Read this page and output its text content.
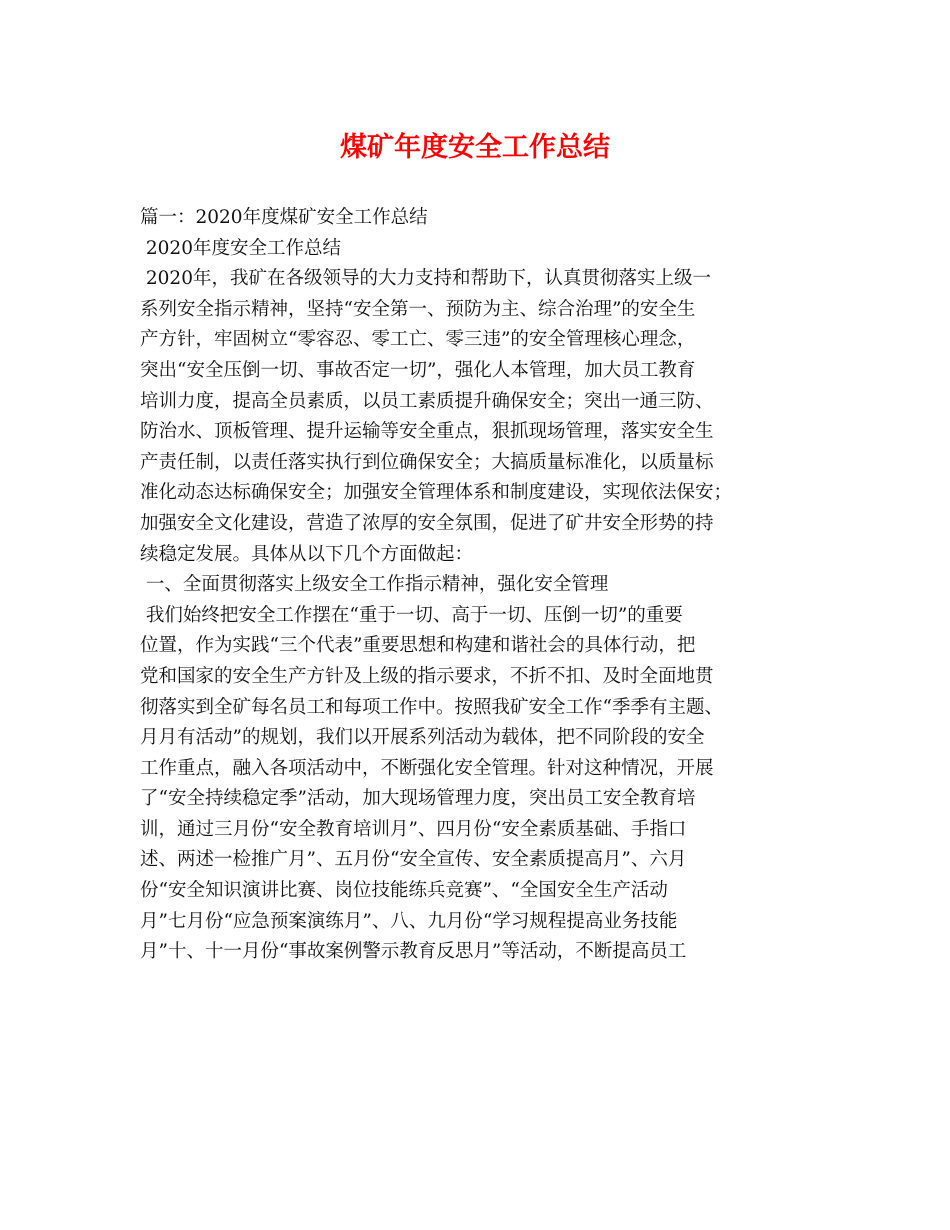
煤矿年度安全工作总结
篇一：2020年度煤矿安全工作总结
2020年度安全工作总结
2020年，我矿在各级领导的大力支持和帮助下，认真贯彻落实上级一
系列安全指示精神，坚持“安全第一、预防为主、综合治理”的安全生
产方针，牢固树立“零容忍、零工亡、零三违”的安全管理核心理念，
突出“安全压倒一切、事故否定一切”，强化人本管理，加大员工教育
培训力度，提高全员素质，以员工素质提升确保安全；突出一通三防、
防治水、顶板管理、提升运输等安全重点，狠抓现场管理，落实安全生
产责任制，以责任落实执行到位确保安全；大搞质量标准化，以质量标
准化动态达标确保安全；加强安全管理体系和制度建设，实现依法保安；
加强安全文化建设，营造了浓厚的安全氛围，促进了矿井安全形势的持
续稳定发展。具体从以下几个方面做起：
一、全面贯彻落实上级安全工作指示精神，强化安全管理
我们始终把安全工作摆在“重于一切、高于一切、压倒一切”的重要
位置，作为实践“三个代表”重要思想和构建和谐社会的具体行动，把
党和国家的安全生产方针及上级的指示要求，不折不扣、及时全面地贯
彻落实到全矿每名员工和每项工作中。按照我矿安全工作“季季有主题、
月月有活动”的规划，我们以开展系列活动为载体，把不同阶段的安全
工作重点，融入各项活动中，不断强化安全管理。针对这种情况，开展
了“安全持续稳定季”活动，加大现场管理力度，突出员工安全教育培
训，通过三月份“安全教育培训月”、四月份“安全素质基础、手指口
述、两述一检推广月”、五月份“安全宣传、安全素质提高月”、六月
份“安全知识演讲比赛、岗位技能练兵竞赛”、“全国安全生产活动
月”七月份“应急预案演练月”、八、九月份“学习规程提高业务技能
月”十、十一月份“事故案例警示教育反思月”等活动，不断提高员工
